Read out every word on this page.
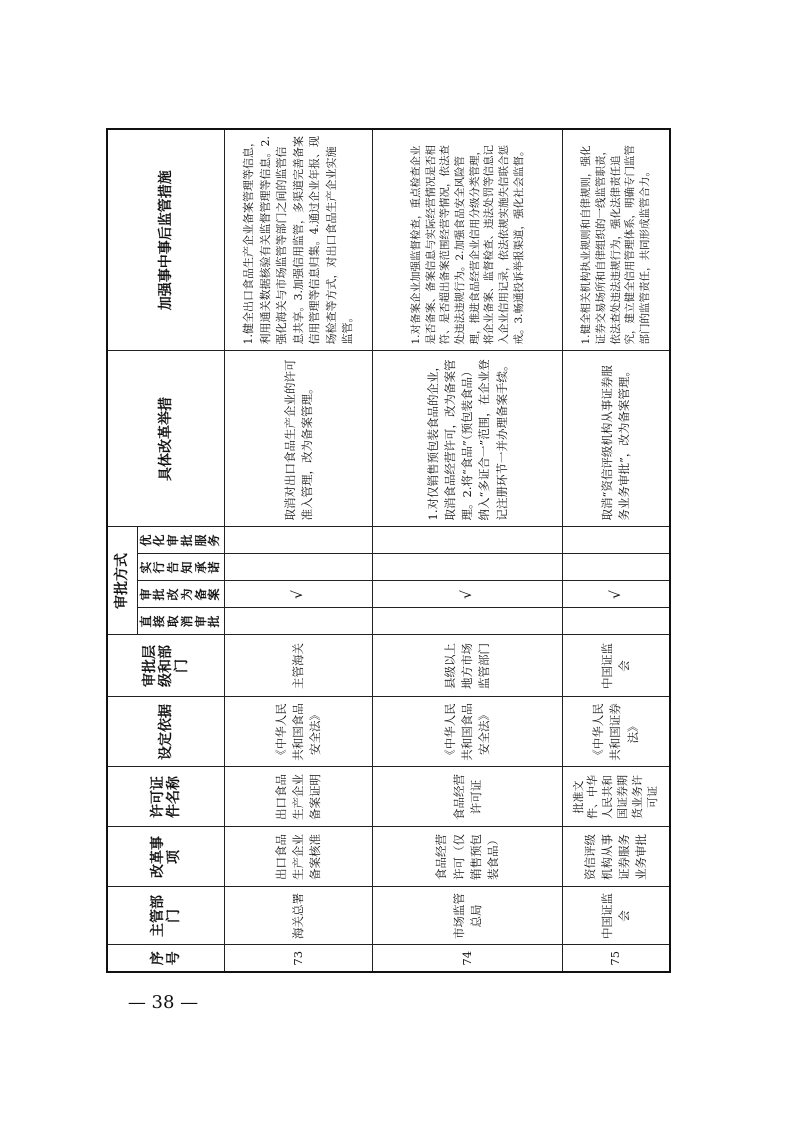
序号	主管部门	改革事项	许可证件名称	设定依据	审批层级和部门	审批方式				具体改革举措	加强事中事后监管措施
						直接取消审批	审批改为备案	实行告知承诺	优化审批服务		
73	海关总署	出口食品生产企业备案核准	出口食品生产企业备案证明	《中华人民共和国食品安全法》	主管海关		√			取消对出口食品生产企业的许可准入管理，改为备案管理。	1.健全出口食品生产企业备案管理等信息，利用通关数据核验有关监督管理等信息。2.强化海关与市场监管等部门之间的监管信息共享。3.加强信用监管，多渠道完善备案信用管理等信息归集。4.通过企业年报、现场检查等方式，对出口食品生产企业实施监管。
74	市场监管总局	食品经营许可（仅销售预包装食品）	食品经营许可证	《中华人民共和国食品安全法》	县级以上地方市场监管部门		√			1.对仅销售预包装食品的企业，取消食品经营许可，改为备案管理。2.将“食品”（预包装食品）纳入“多证合一”范围，在企业登记注册环节一并办理备案手续。	1.对备案企业加强监督检查，重点检查企业是否备案、备案信息与实际经营情况是否相符、是否超出备案范围经营等情况，依法查处违法违规行为。2.加强食品安全风险管理，推进食品经营企业信用分级分类管理，将企业备案、监督检查、违法处罚等信息记入企业信用记录，依法依规实施失信联合惩戒。3.畅通投诉举报渠道，强化社会监督。
75	中国证监会	资信评级机构从事证券服务业务审批	批准文件、中华人民共和国证券期货业务许可证	《中华人民共和国证券法》	中国证监会		√			取消“资信评级机构从事证券服务业务审批”，改为备案管理。	1.健全相关机构执业规则和自律规则，强化证券交易场所和自律组织的一线监管职责，依法查处违法违规行为，强化法律责任追究，建立健全信用管理体系，明确专门监管部门的监管责任，共同形成监管合力。
— 38 —
